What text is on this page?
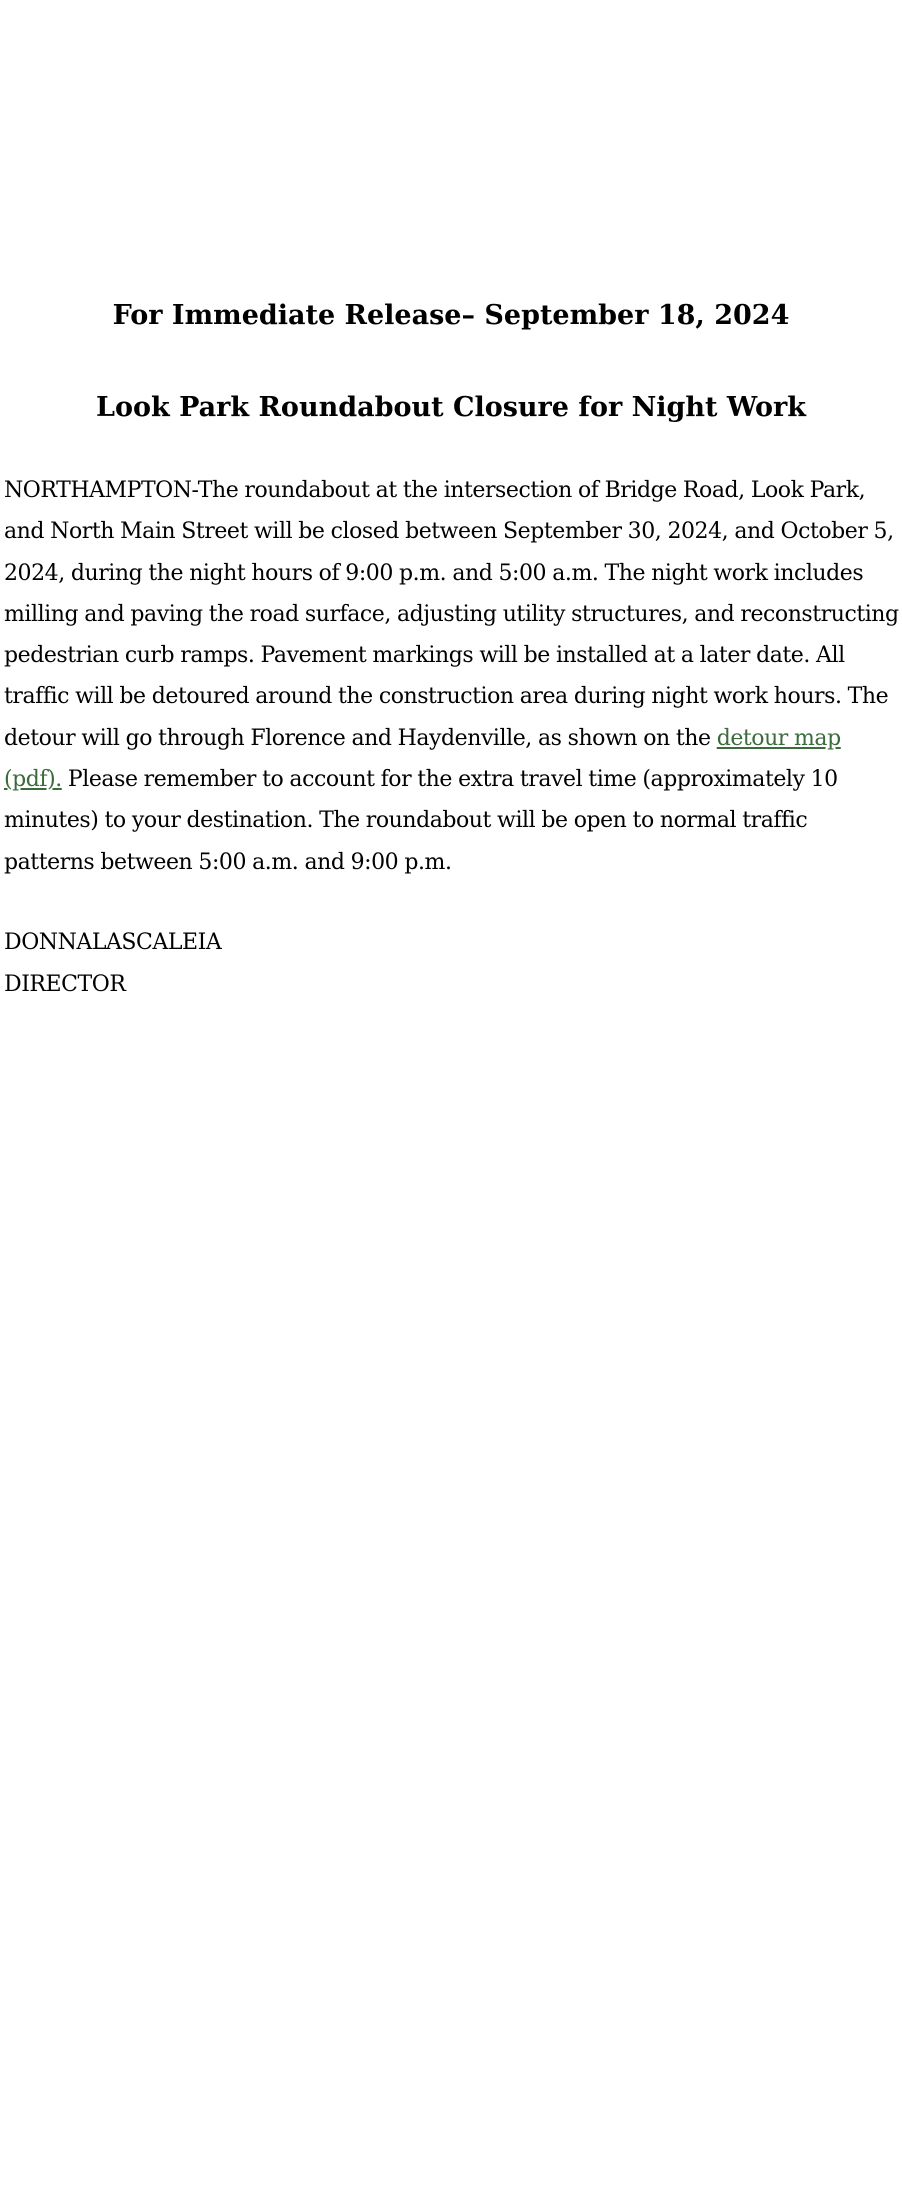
For Immediate Release– September 18, 2024

Look Park Roundabout Closure for Night Work

NORTHAMPTON-The roundabout at the intersection of Bridge Road, Look Park, and North Main Street will be closed between September 30, 2024, and October 5, 2024, during the night hours of 9:00 p.m. and 5:00 a.m. The night work includes milling and paving the road surface, adjusting utility structures, and reconstructing pedestrian curb ramps. Pavement markings will be installed at a later date. All traffic will be detoured around the construction area during night work hours. The detour will go through Florence and Haydenville, as shown on the detour map (pdf). Please remember to account for the extra travel time (approximately 10 minutes) to your destination. The roundabout will be open to normal traffic patterns between 5:00 a.m. and 9:00 p.m.

DONNALASCALEIA
DIRECTOR
